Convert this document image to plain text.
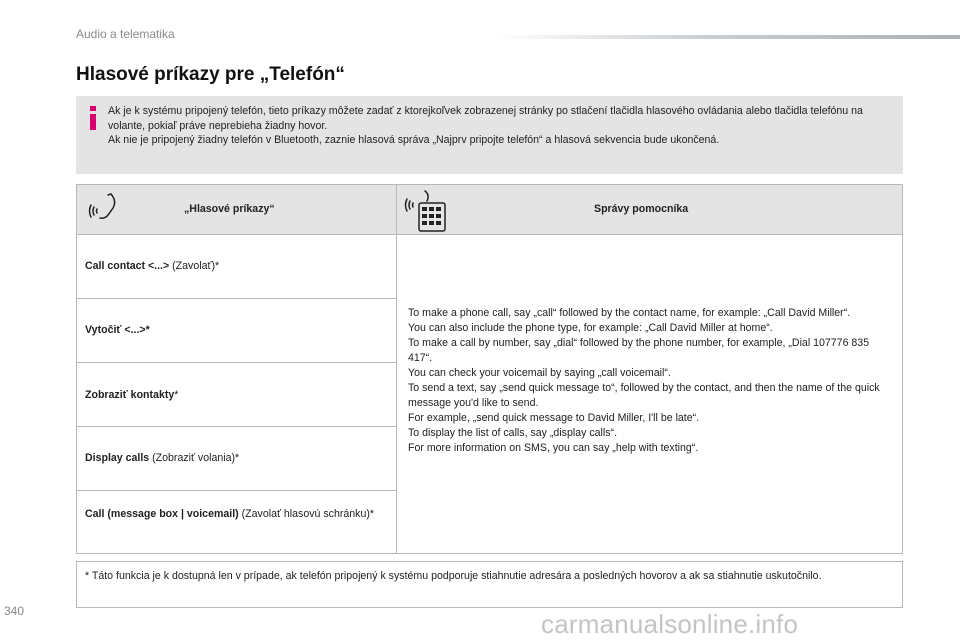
Audio a telematika
Hlasové príkazy pre „Telefón“

Ak je k systému pripojený telefón, tieto príkazy môžete zadať z ktorejkoľvek zobrazenej stránky po stlačení tlačidla hlasového ovládania alebo tlačidla telefónu na volante, pokiaľ práve neprebieha žiadny hovor.

Ak nie je pripojený žiadny telefón v Bluetooth, zaznie hlasová správa „Najprv pripojte telefón“ a hlasová sekvencia bude ukončená.

„Hlasové príkazy“	Správy pomocníka
Call contact <...> (Zavolať)*
Vytočiť <...>*
Zobraziť kontakty*
Display calls (Zobraziť volania)*
Call (message box | voicemail) (Zavolať hlasovú schránku)*

To make a phone call, say „call“ followed by the contact name, for example: „Call David Miller“.

You can also include the phone type, for example: „Call David Miller at home“.

To make a call by number, say „dial“ followed by the phone number, for example, „Dial 107776 835 417“.

You can check your voicemail by saying „call voicemail“.

To send a text, say „send quick message to“, followed by the contact, and then the name of the quick message you'd like to send.

For example, „send quick message to David Miller, I'll be late“.

To display the list of calls, say „display calls“.

For more information on SMS, you can say „help with texting“.

* Táto funkcia je k dostupná len v prípade, ak telefón pripojený k systému podporuje stiahnutie adresára a posledných hovorov a ak sa stiahnutie uskutočnilo.
340	carmanualsonline.info
